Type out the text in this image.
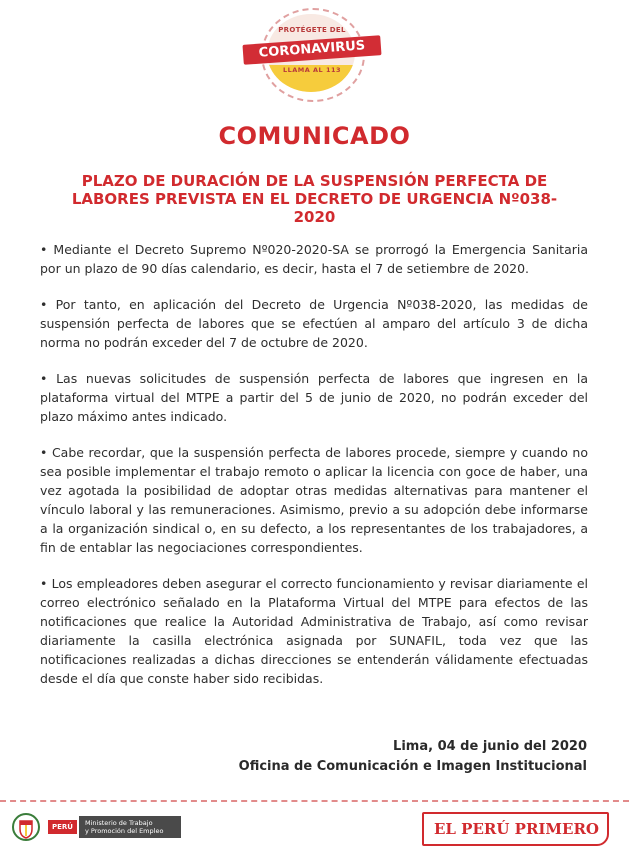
PROTÉGETE DEL
CORONAVIRUS
LLAMA AL 113
COMUNICADO
PLAZO DE DURACIÓN DE LA SUSPENSIÓN PERFECTA DE LABORES PREVISTA EN EL DECRETO DE URGENCIA Nº038-2020

• Mediante el Decreto Supremo Nº020-2020-SA se prorrogó la Emergencia Sanitaria por un plazo de 90 días calendario, es decir, hasta el 7 de setiembre de 2020.

• Por tanto, en aplicación del Decreto de Urgencia Nº038-2020, las medidas de suspensión perfecta de labores que se efectúen al amparo del artículo 3 de dicha norma no podrán exceder del 7 de octubre de 2020.

• Las nuevas solicitudes de suspensión perfecta de labores que ingresen en la plataforma virtual del MTPE a partir del 5 de junio de 2020, no podrán exceder del plazo máximo antes indicado.

• Cabe recordar, que la suspensión perfecta de labores procede, siempre y cuando no sea posible implementar el trabajo remoto o aplicar la licencia con goce de haber, una vez agotada la posibilidad de adoptar otras medidas alternativas para mantener el vínculo laboral y las remuneraciones. Asimismo, previo a su adopción debe informarse a la organización sindical o, en su defecto, a los representantes de los trabajadores, a fin de entablar las negociaciones correspondientes.

• Los empleadores deben asegurar el correcto funcionamiento y revisar diariamente el correo electrónico señalado en la Plataforma Virtual del MTPE para efectos de las notificaciones que realice la Autoridad Administrativa de Trabajo, así como revisar diariamente la casilla electrónica asignada por SUNAFIL, toda vez que las notificaciones realizadas a dichas direcciones se entenderán válidamente efectuadas desde el día que conste haber sido recibidas.

Lima, 04 de junio del 2020
Oficina de Comunicación e Imagen Institucional
PERÚ	Ministerio de Trabajo
y Promoción del Empleo	EL PERÚ PRIMERO
